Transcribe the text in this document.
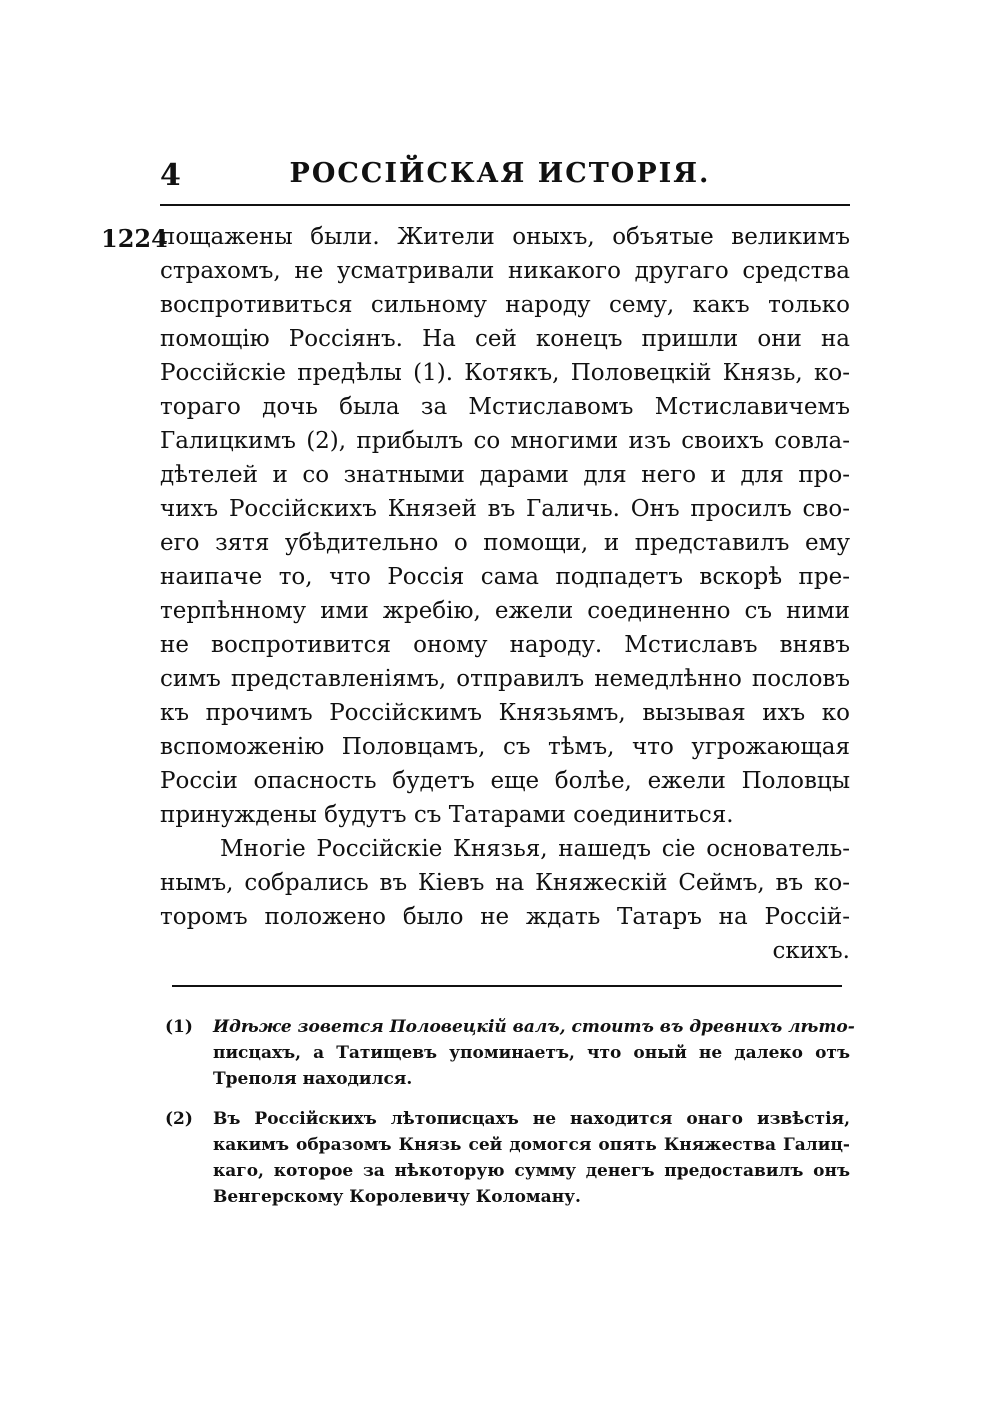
4	РОССІЙСКАЯ ИСТОРІЯ.
1224
пощажены были. Жители оныхъ, объятые великимъ
страхомъ, не усматривали никакого другаго средства
воспротивиться сильному народу сему, какъ только
помощію Россіянъ. На сей конецъ пришли они на
Россійскіе предѣлы (1). Котякъ, Половецкій Князь, ко-
тораго дочь была за Мстиславомъ Мстиславичемъ
Галицкимъ (2), прибылъ со многими изъ своихъ совла-
дѣтелей и со знатными дарами для него и для про-
чихъ Россійскихъ Князей въ Галичь. Онъ просилъ сво-
его зятя убѣдительно о помощи, и представилъ ему
наипаче то, что Россія сама подпадетъ вскорѣ пре-
терпѣнному ими жребію, ежели соединенно съ ними
не воспротивится оному народу. Мстиславъ внявъ
симъ представленіямъ, отправилъ немедлѣнно пословъ
къ прочимъ Россійскимъ Князьямъ, вызывая ихъ ко
вспоможенію Половцамъ, съ тѣмъ, что угрожающая
Россіи опасность будетъ еще болѣе, ежели Половцы
принуждены будутъ съ Татарами соединиться.
Многіе Россійскіе Князья, нашедъ сіе основатель-
нымъ, собрались въ Кіевъ на Княжескій Сеймъ, въ ко-
торомъ положено было не ждать Татаръ на Россій-
скихъ.
(1) Идѣже зовется Половецкій валъ, стоитъ въ древнихъ лѣто-
писцахъ, а Татищевъ упоминаетъ, что оный не далеко отъ
Трeполя находился.
(2) Въ Россійскихъ лѣтописцахъ не находится онаго извѣстія,
какимъ образомъ Князь сей домогся опять Княжества Галиц-
каго, которое за нѣкоторую сумму денегъ предоставилъ онъ
Венгерскому Королевичу Коломану.
